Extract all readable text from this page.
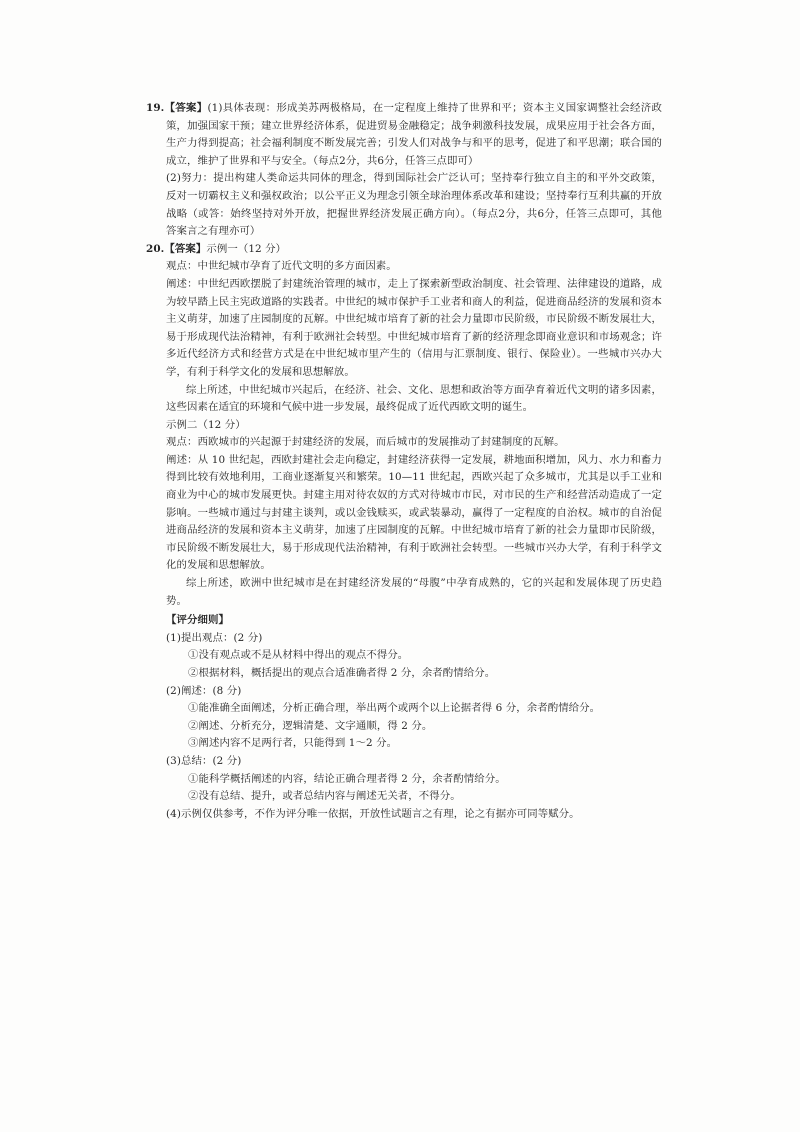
19.【答案】(1)具体表现：形成美苏两极格局，在一定程度上维持了世界和平；资本主义国家调整社会经济政策，加强国家干预；建立世界经济体系，促进贸易金融稳定；战争刺激科技发展，成果应用于社会各方面，生产力得到提高；社会福利制度不断发展完善；引发人们对战争与和平的思考，促进了和平思潮；联合国的成立，维护了世界和平与安全。（每点2分，共6分，任答三点即可）

(2)努力：提出构建人类命运共同体的理念，得到国际社会广泛认可；坚持奉行独立自主的和平外交政策，反对一切霸权主义和强权政治；以公平正义为理念引领全球治理体系改革和建设；坚持奉行互利共赢的开放战略（或答：始终坚持对外开放，把握世界经济发展正确方向）。（每点2分，共6分，任答三点即可，其他答案言之有理亦可）

20.【答案】示例一（12 分）

观点：中世纪城市孕育了近代文明的多方面因素。

阐述：中世纪西欧摆脱了封建统治管理的城市，走上了探索新型政治制度、社会管理、法律建设的道路，成为较早踏上民主宪政道路的实践者。中世纪的城市保护手工业者和商人的利益，促进商品经济的发展和资本主义萌芽，加速了庄园制度的瓦解。中世纪城市培育了新的社会力量即市民阶级，市民阶级不断发展壮大，易于形成现代法治精神，有利于欧洲社会转型。中世纪城市培育了新的经济理念即商业意识和市场观念；许多近代经济方式和经营方式是在中世纪城市里产生的（信用与汇票制度、银行、保险业）。一些城市兴办大学，有利于科学文化的发展和思想解放。

综上所述，中世纪城市兴起后，在经济、社会、文化、思想和政治等方面孕育着近代文明的诸多因素，这些因素在适宜的环境和气候中进一步发展，最终促成了近代西欧文明的诞生。

示例二（12 分）

观点：西欧城市的兴起源于封建经济的发展，而后城市的发展推动了封建制度的瓦解。

阐述：从 10 世纪起，西欧封建社会走向稳定，封建经济获得一定发展，耕地面积增加，风力、水力和畜力得到比较有效地利用，工商业逐渐复兴和繁荣。10—11 世纪起，西欧兴起了众多城市，尤其是以手工业和商业为中心的城市发展更快。封建主用对待农奴的方式对待城市市民，对市民的生产和经营活动造成了一定影响。一些城市通过与封建主谈判，或以金钱赎买，或武装暴动，赢得了一定程度的自治权。城市的自治促进商品经济的发展和资本主义萌芽，加速了庄园制度的瓦解。中世纪城市培育了新的社会力量即市民阶级，市民阶级不断发展壮大，易于形成现代法治精神，有利于欧洲社会转型。一些城市兴办大学，有利于科学文化的发展和思想解放。

综上所述，欧洲中世纪城市是在封建经济发展的“母腹”中孕育成熟的，它的兴起和发展体现了历史趋势。

【评分细则】

(1)提出观点：(2 分)

①没有观点或不是从材料中得出的观点不得分。

②根据材料，概括提出的观点合适准确者得 2 分，余者酌情给分。

(2)阐述：(8 分)

①能准确全面阐述，分析正确合理，举出两个或两个以上论据者得 6 分，余者酌情给分。

②阐述、分析充分，逻辑清楚、文字通顺，得 2 分。

③阐述内容不足两行者，只能得到 1～2 分。

(3)总结：(2 分)

①能科学概括阐述的内容，结论正确合理者得 2 分，余者酌情给分。

②没有总结、提升，或者总结内容与阐述无关者，不得分。

(4)示例仅供参考，不作为评分唯一依据，开放性试题言之有理，论之有据亦可同等赋分。
